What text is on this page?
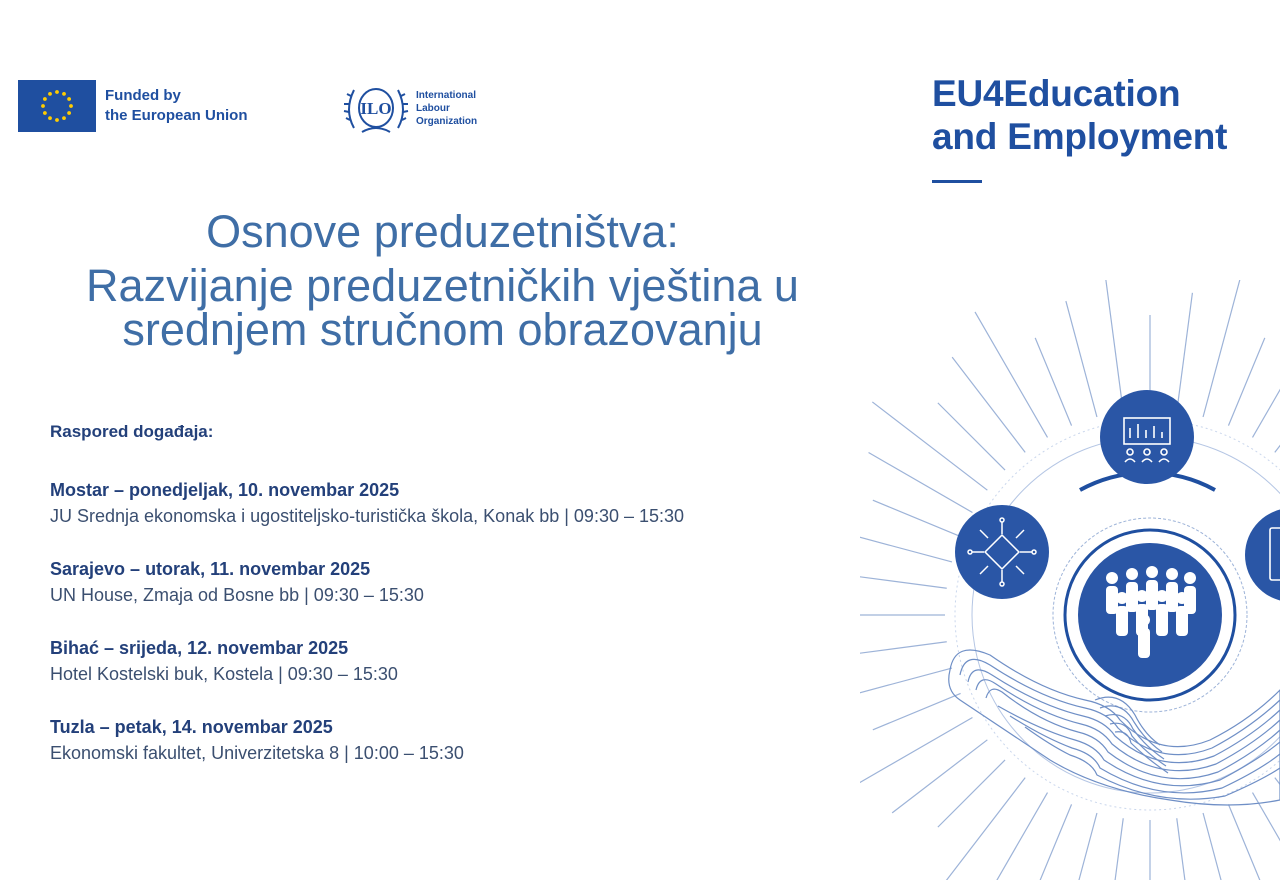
Funded by
the European Union	ILO
International
Labour
Organization
EU4Education
and Employment
Osnove preduzetništva:
Razvijanje preduzetničkih vještina u
srednjem stručnom obrazovanju
Raspored događaja:
Mostar – ponedjeljak, 10. novembar 2025
JU Srednja ekonomska i ugostiteljsko-turistička škola, Konak bb | 09:30 – 15:30
Sarajevo – utorak, 11. novembar 2025
UN House, Zmaja od Bosne bb | 09:30 – 15:30
Bihać – srijeda, 12. novembar 2025
Hotel Kostelski buk, Kostela | 09:30 – 15:30
Tuzla – petak, 14. novembar 2025
Ekonomski fakultet, Univerzitetska 8 | 10:00 – 15:30
